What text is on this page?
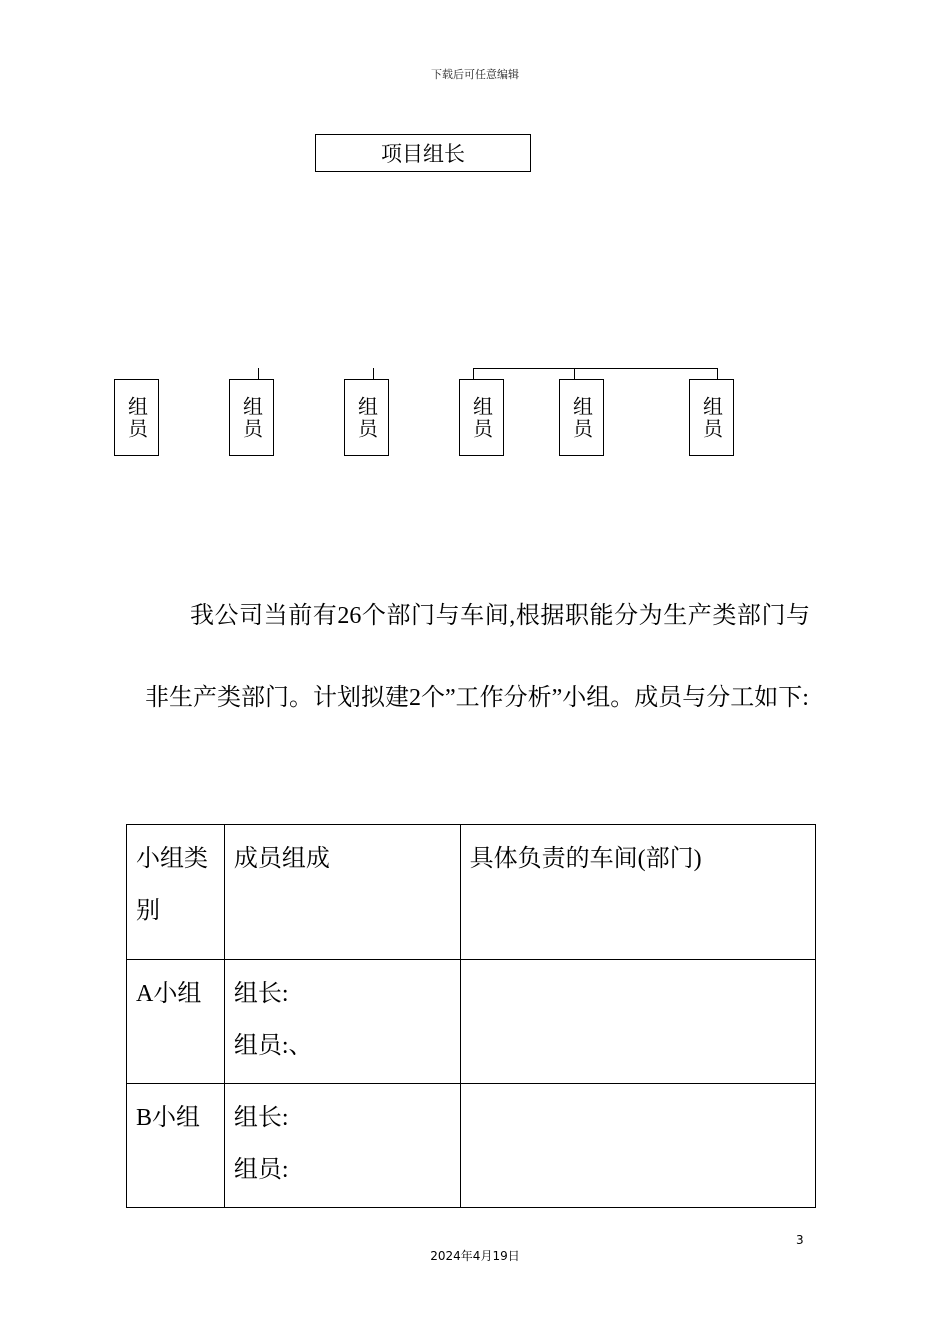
下载后可任意编辑
项目组长
组员	组员	组员	组员	组员	组员
我公司当前有26个部门与车间,根据职能分为生产类部门与非生产类部门。计划拟建2个”工作分析”小组。成员与分工如下:
小组类别	成员组成	具体负责的车间(部门)
A小组	组长:
组员:、	

B小组	组长:
组员:	

3
2024年4月19日
